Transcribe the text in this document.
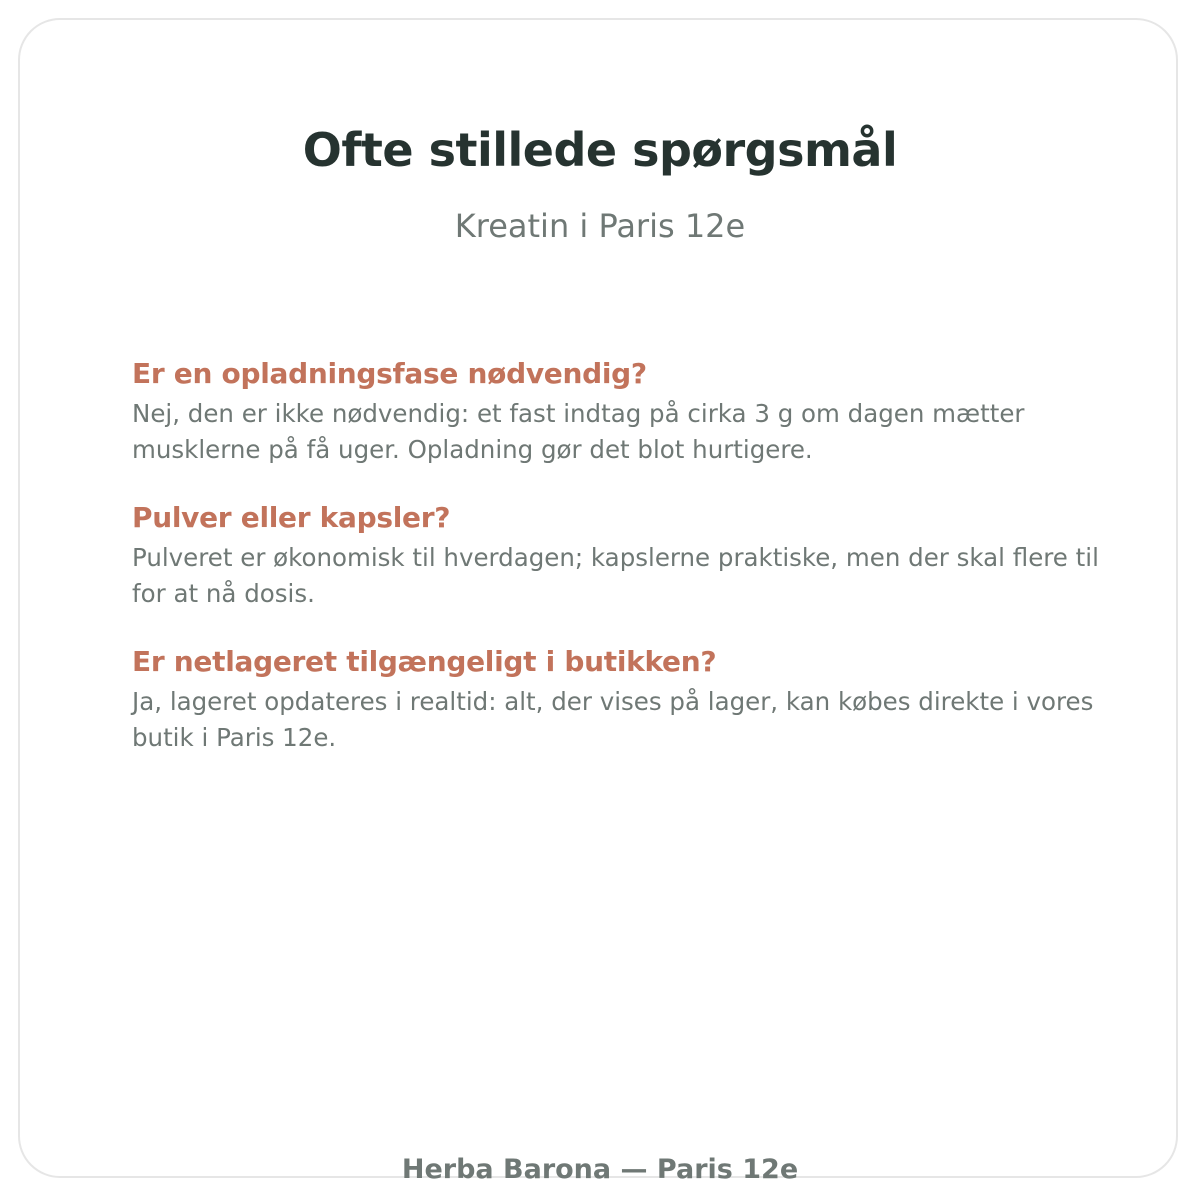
Ofte stillede spørgsmål
Kreatin i Paris 12e
Er en opladningsfase nødvendig?
Nej, den er ikke nødvendig: et fast indtag på cirka 3 g om dagen mætter musklerne på få uger. Opladning gør det blot hurtigere.
Pulver eller kapsler?
Pulveret er økonomisk til hverdagen; kapslerne praktiske, men der skal flere til for at nå dosis.
Er netlageret tilgængeligt i butikken?
Ja, lageret opdateres i realtid: alt, der vises på lager, kan købes direkte i vores butik i Paris 12e.
Herba Barona — Paris 12e
